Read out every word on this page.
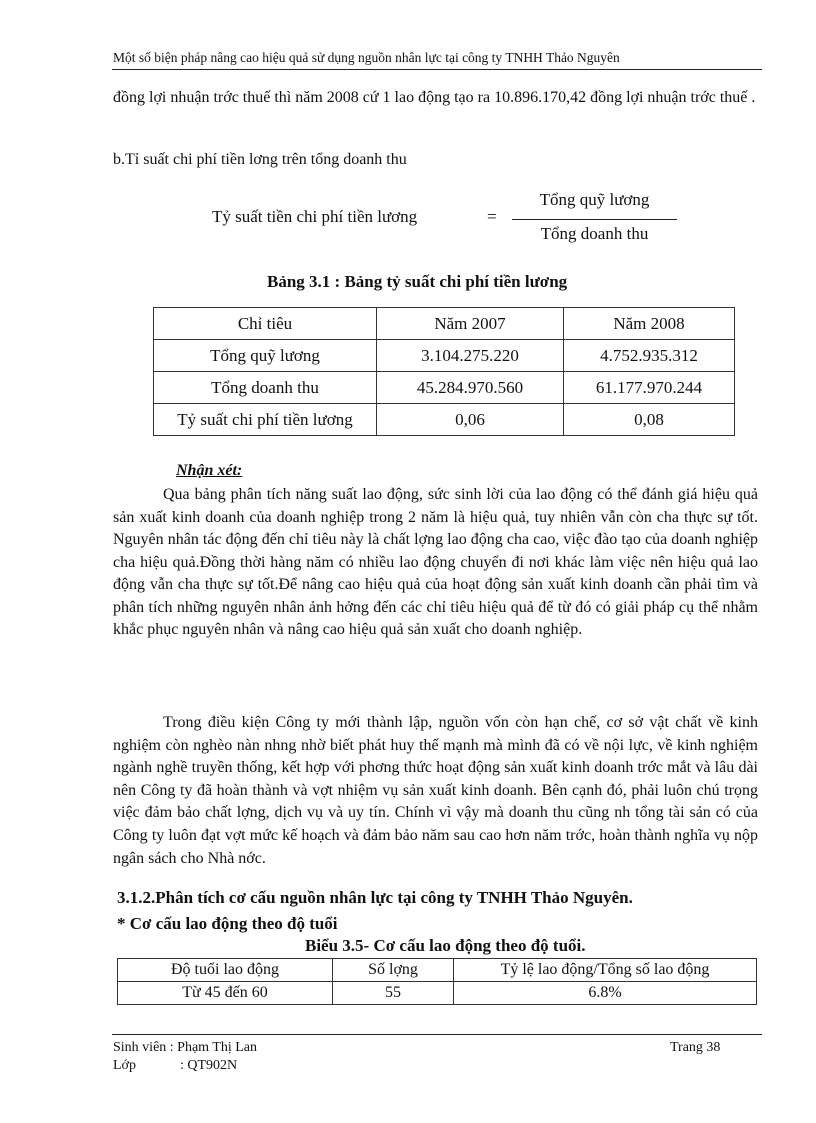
Một số biện pháp nâng cao hiệu quả sử dụng nguồn nhân lực tại công ty TNHH Thảo Nguyên

đồng lợi nhuận trớc thuế thì năm 2008 cứ 1 lao động tạo ra 10.896.170,42 đồng lợi nhuận trớc thuế .

b.Tỉ suất chi phí tiền lơng trên tổng doanh thu

Tỷ suất tiền chi phí tiền lương	=
Tổng quỹ lương
Tổng doanh thu
Bảng 3.1 : Bảng tỷ suất chi phí tiền lương
Chỉ tiêu	Năm 2007	Năm 2008
Tổng quỹ lương	3.104.275.220	4.752.935.312
Tổng doanh thu	45.284.970.560	61.177.970.244
Tỷ suất chi phí tiền lương	0,06	0,08
Nhận xét:

Qua bảng phân tích năng suất lao động, sức sinh lời của lao động có thể đánh giá hiệu quả sản xuất kinh doanh của doanh nghiệp trong 2 năm là hiệu quả, tuy nhiên vẫn còn cha thực sự tốt. Nguyên nhân tác động đến chỉ tiêu này là chất lợng lao động cha cao, việc đào tạo của doanh nghiệp cha hiệu quả.Đồng thời hàng năm có nhiều lao động chuyển đi nơi khác làm việc nên hiệu quả lao động vẫn cha thực sự tốt.Để nâng cao hiệu quả của hoạt động sản xuất kinh doanh cần phải tìm và phân tích những nguyên nhân ảnh hởng đến các chỉ tiêu hiệu quả để từ đó có giải pháp cụ thể nhằm khắc phục nguyên nhân và nâng cao hiệu quả sản xuất cho doanh nghiệp.

Trong điều kiện Công ty mới thành lập, nguồn vốn còn hạn chế, cơ sở vật chất về kinh nghiệm còn nghèo nàn nhng nhờ biết phát huy thế mạnh mà mình đã có về nội lực, về kinh nghiệm ngành nghề truyền thống, kết hợp với phơng thức hoạt động sản xuất kinh doanh trớc mắt và lâu dài nên Công ty đã hoàn thành và vợt nhiệm vụ sản xuất kinh doanh. Bên cạnh đó, phải luôn chú trọng việc đảm bảo chất lợng, dịch vụ và uy tín. Chính vì vậy mà doanh thu cũng nh tổng tài sản có của Công ty luôn đạt vợt mức kế hoạch và đảm bảo năm sau cao hơn năm trớc, hoàn thành nghĩa vụ nộp ngân sách cho Nhà nớc.

3.1.2.Phân tích cơ cấu nguồn nhân lực tại công ty TNHH Thảo Nguyên.
* Cơ cấu lao động theo độ tuổi
Biểu 3.5- Cơ cấu lao động theo độ tuổi.
Độ tuổi lao động	Số lợng	Tỷ lệ lao động/Tổng số lao động
Từ 45 đến 60	55	6.8%
Sinh viên : Phạm Thị Lan
Lớp	: QT902N
Trang 38
